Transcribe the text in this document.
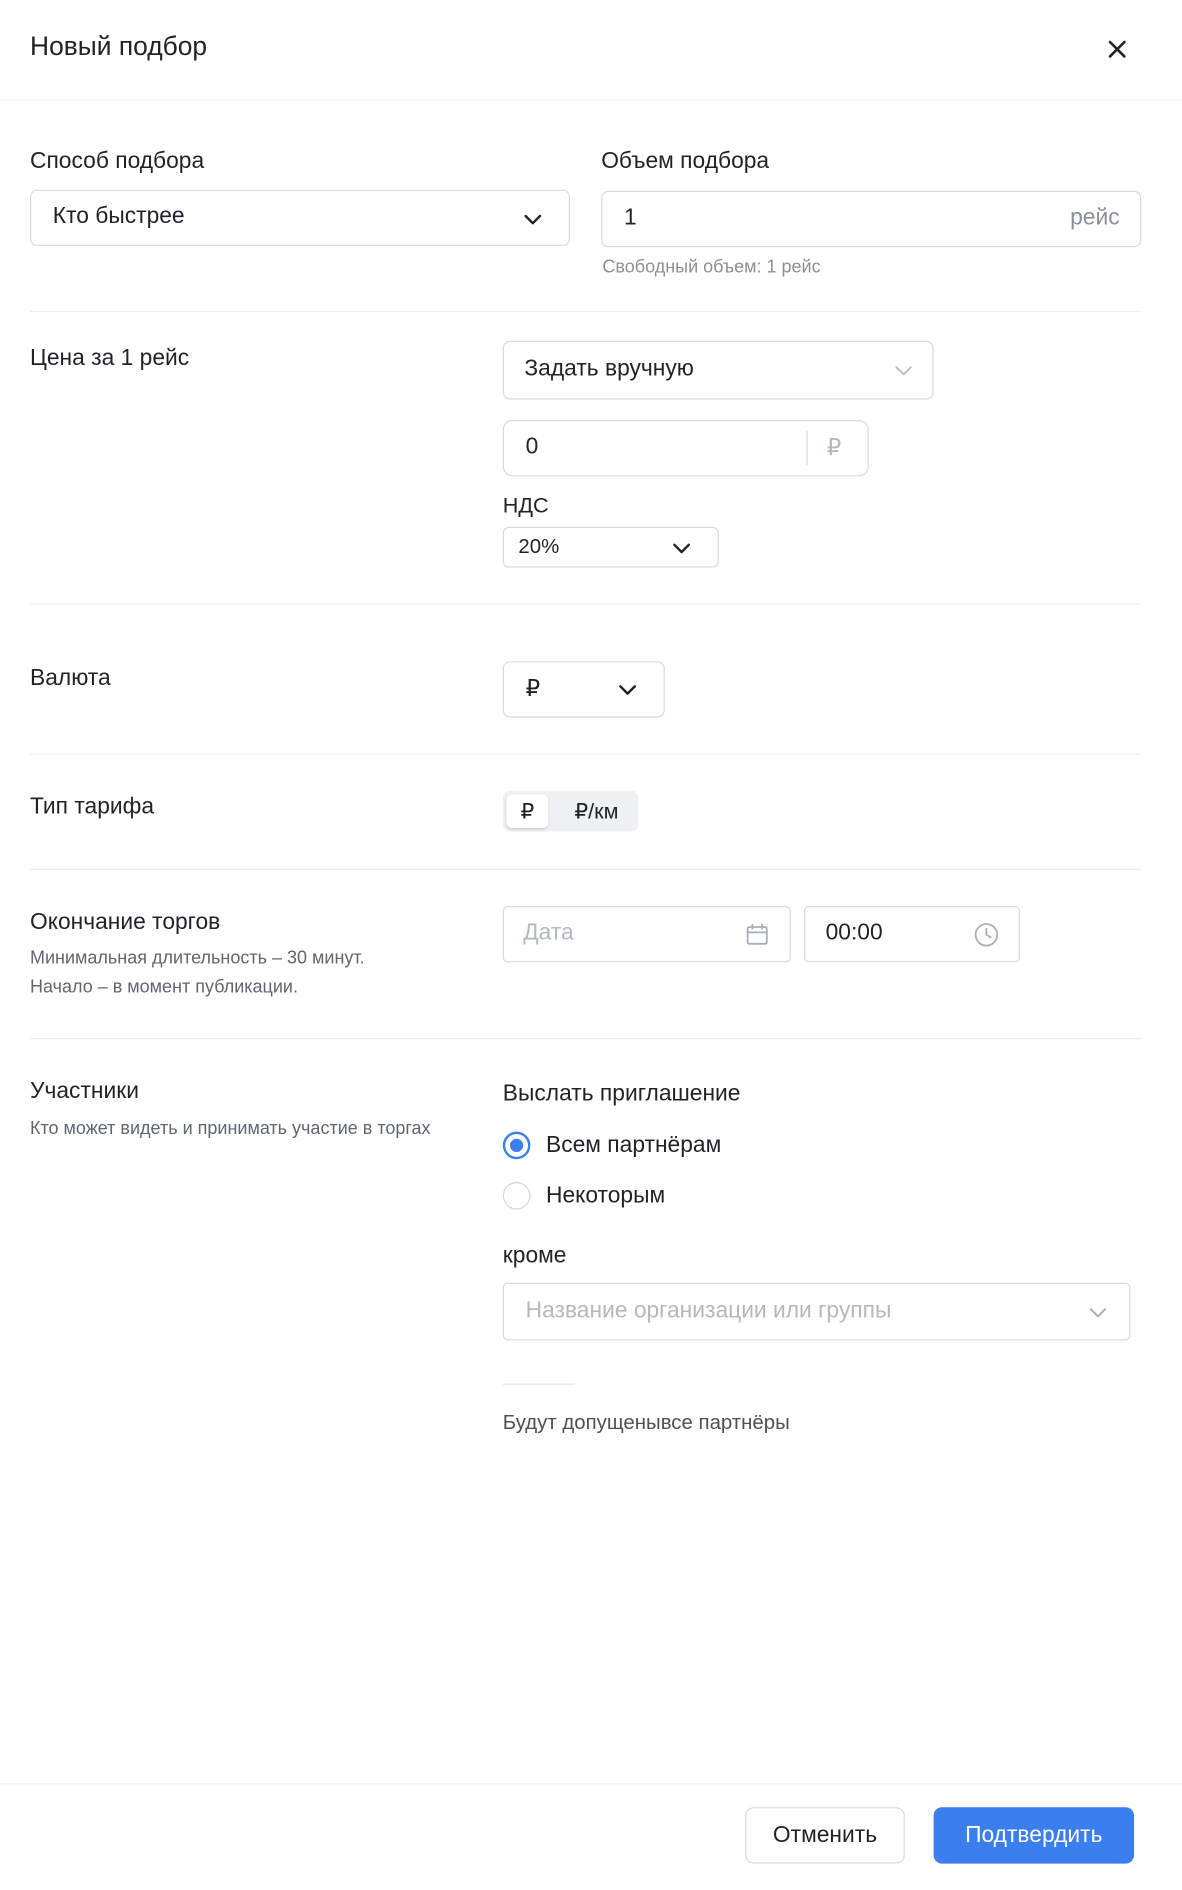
Новый подбор
Способ подбора
Кто быстрее
Объем подбора
1	рейс
Свободный объем: 1 рейс
Цена за 1 рейс	Задать вручную
0	₽
НДС
20%
Валюта	₽
Тип тарифа	₽	₽/км
Окончание торгов
Минимальная длительность – 30 минут.
Начало – в момент публикации.
Дата	00:00
Участники
Кто может видеть и принимать участие в торгах
Выслать приглашение
Всем партнёрам
Некоторым
кроме
Название организации или группы
Будут допущенывсе партнёры
Отменить	Подтвердить
